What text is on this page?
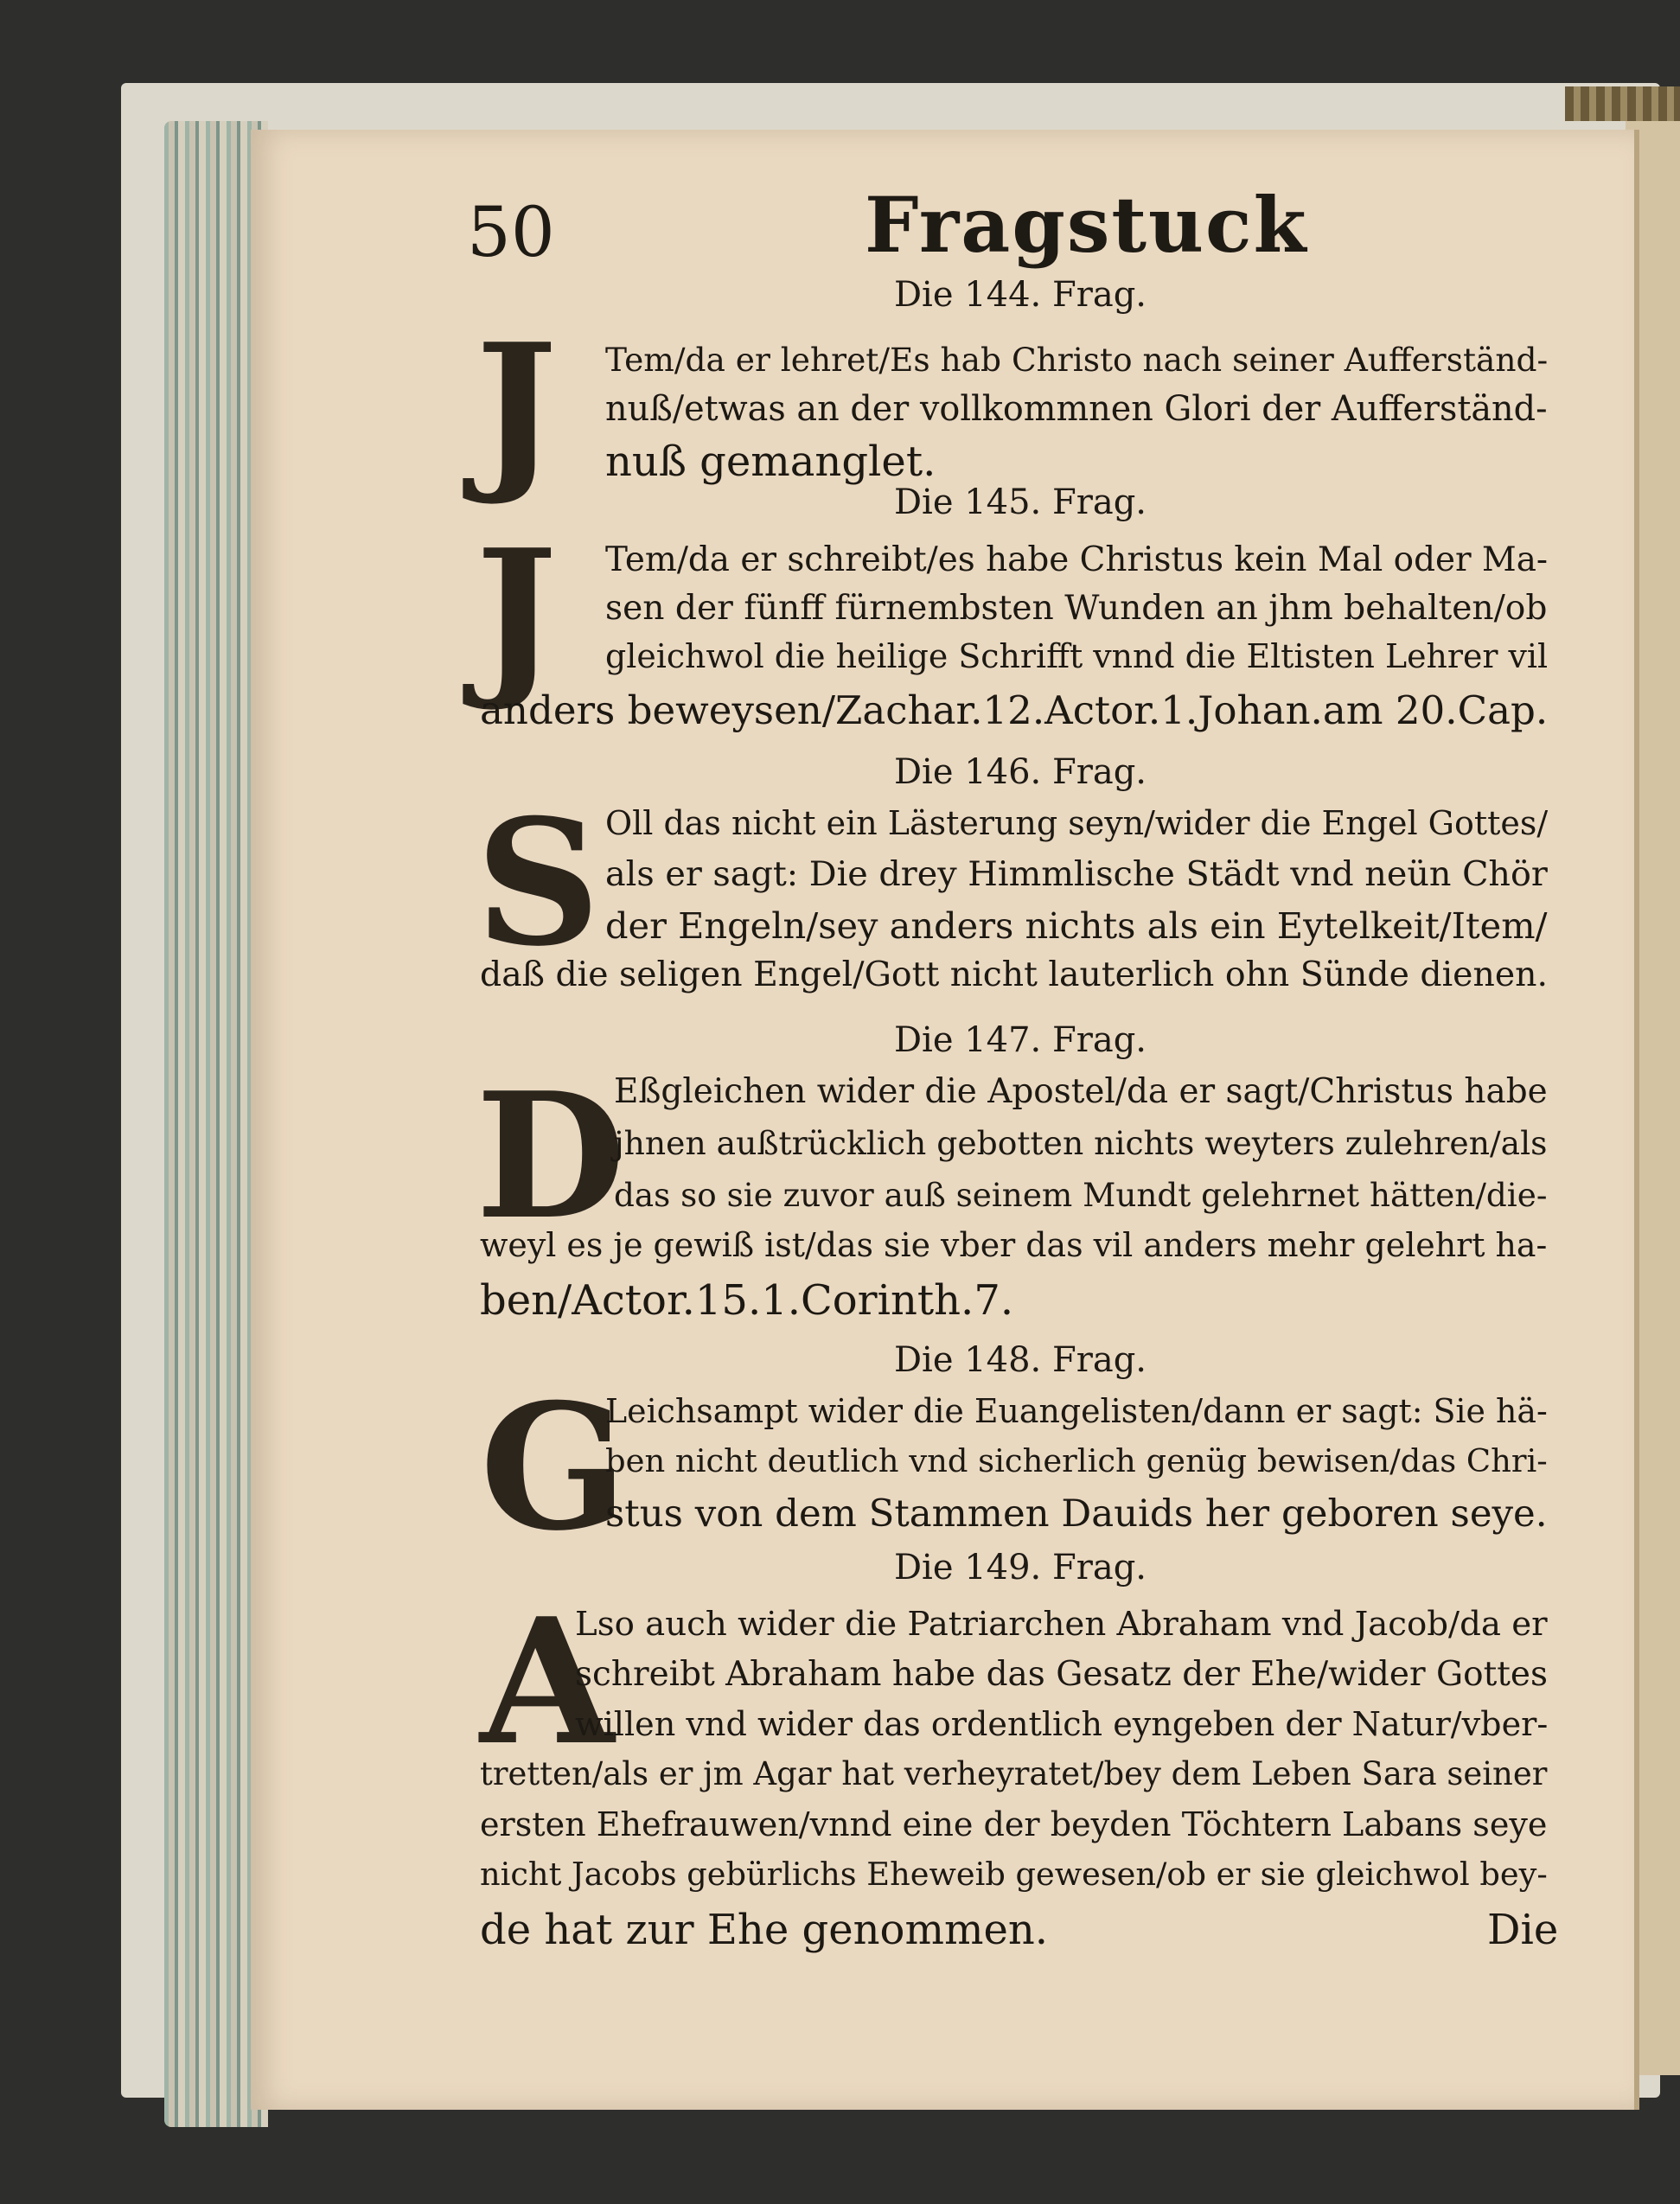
50	Fragstuck
Die 144. Frag.
J Tem/da er lehret/Es hab Christo nach seiner Aufferständ-
nuß/etwas an der vollkommnen Glori der Aufferständ-
nuß gemanglet.
Die 145. Frag.
J Tem/da er schreibt/es habe Christus kein Mal oder Ma-
sen der fünff fürnembsten Wunden an jhm behalten/ob
gleichwol die heilige Schrifft vnnd die Eltisten Lehrer vil
anders beweysen/Zachar.12.Actor.1.Johan.am 20.Cap.
Die 146. Frag.
S Oll das nicht ein Lästerung seyn/wider die Engel Gottes/
als er sagt: Die drey Himmlische Städt vnd neün Chör
der Engeln/sey anders nichts als ein Eytelkeit/Item/
daß die seligen Engel/Gott nicht lauterlich ohn Sünde dienen.
Die 147. Frag.
D
Eßgleichen wider die Apostel/da er sagt/Christus habe
jhnen außtrücklich gebotten nichts weyters zulehren/als
das so sie zuvor auß seinem Mundt gelehrnet hätten/die-
weyl es je gewiß ist/das sie vber das vil anders mehr gelehrt ha-
ben/Actor.15.1.Corinth.7.
Die 148. Frag.
G
Leichsampt wider die Euangelisten/dann er sagt: Sie hä-
ben nicht deutlich vnd sicherlich genüg bewisen/das Chri-
stus von dem Stammen Dauids her geboren seye.
Die 149. Frag.
A
Lso auch wider die Patriarchen Abraham vnd Jacob/da er
schreibt Abraham habe das Gesatz der Ehe/wider Gottes
willen vnd wider das ordentlich eyngeben der Natur/vber-
tretten/als er jm Agar hat verheyratet/bey dem Leben Sara seiner
ersten Ehefrauwen/vnnd eine der beyden Töchtern Labans seye
nicht Jacobs gebürlichs Eheweib gewesen/ob er sie gleichwol bey-
de hat zur Ehe genommen.	Die
